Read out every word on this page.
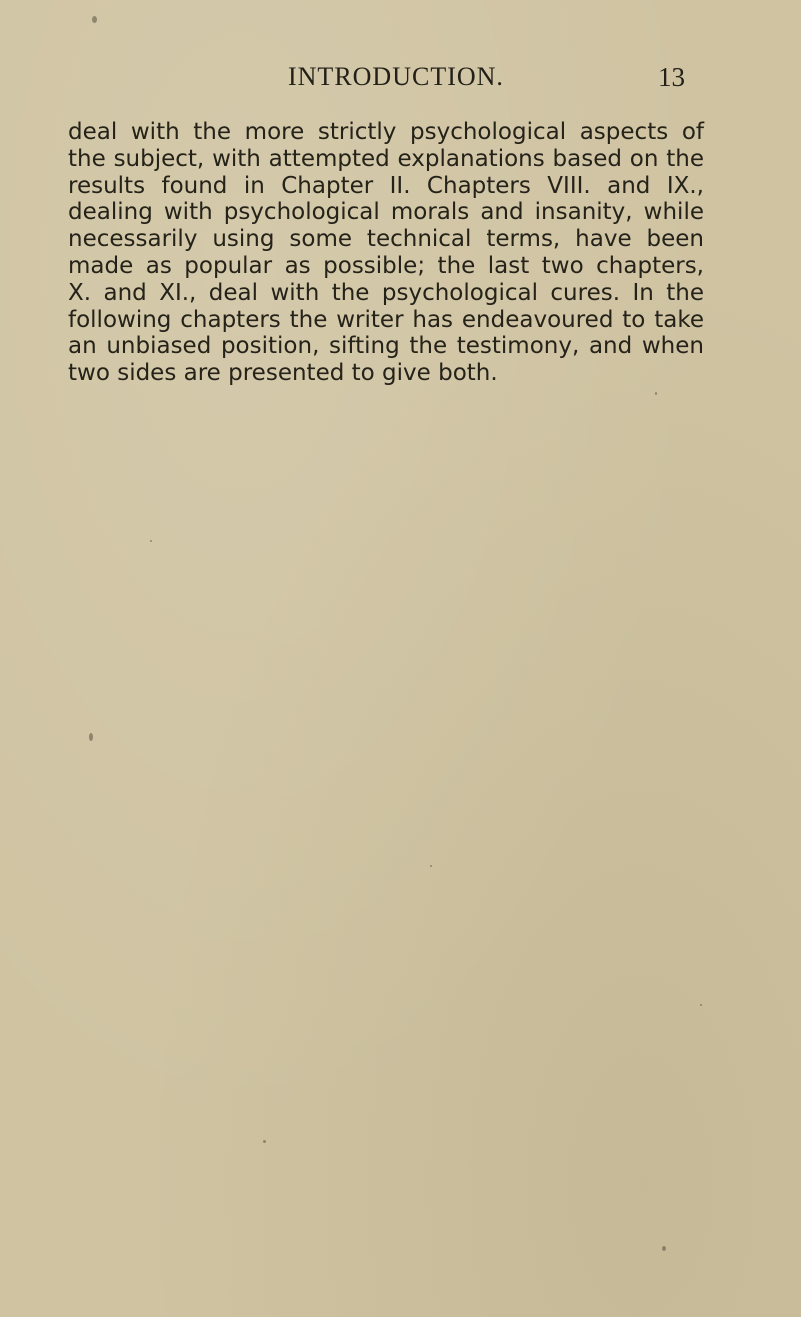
INTRODUCTION.	13
deal with the more strictly psychological aspects of
the subject, with attempted explanations based on the
results found in Chapter II. Chapters VIII. and IX.,
dealing with psychological morals and insanity, while
necessarily using some technical terms, have been
made as popular as possible; the last two chapters,
X. and XI., deal with the psychological cures. In the
following chapters the writer has endeavoured to take
an unbiased position, sifting the testimony, and when
two sides are presented to give both.
